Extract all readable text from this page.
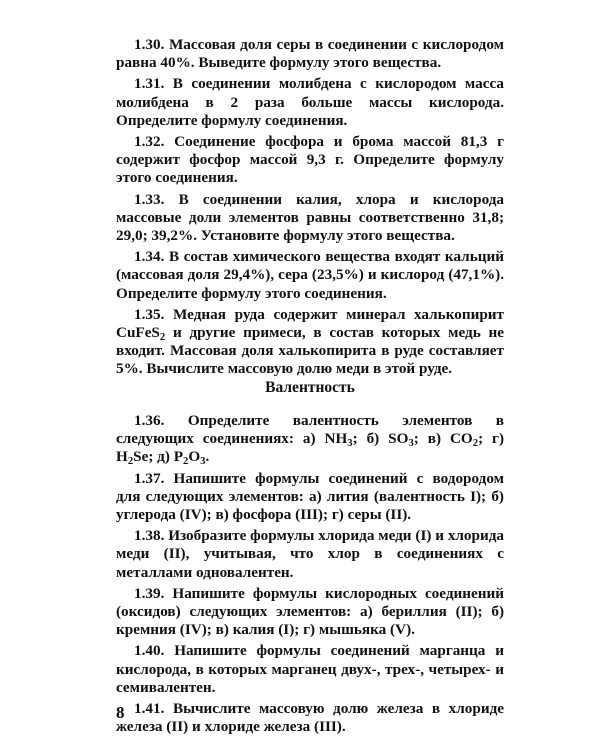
1.30. Массовая доля серы в соединении с кислородом равна 40%. Выведите формулу этого вещества.

1.31. В соединении молибдена с кислородом масса молибдена в 2 раза больше массы кислорода. Определите формулу соединения.

1.32. Соединение фосфора и брома массой 81,3 г содержит фосфор массой 9,3 г. Определите формулу этого соединения.

1.33. В соединении калия, хлора и кислорода массовые доли элементов равны соответственно 31,8; 29,0; 39,2%. Установите формулу этого вещества.

1.34. В состав химического вещества входят кальций (массовая доля 29,4%), сера (23,5%) и кислород (47,1%). Определите формулу этого соединения.

1.35. Медная руда содержит минерал халькопирит CuFeS$_2$ и другие примеси, в состав которых медь не входит. Массовая доля халькопирита в руде составляет 5%. Вычислите массовую долю меди в этой руде.

Валентность

1.36. Определите валентность элементов в следующих соединениях: а) $NH_3$; б) $SO_3$; в) $CO_2$; г) $H_2Se$; д) $P_2O_3$.

1.37. Напишите формулы соединений с водородом для следующих элементов: а) лития (валентность I); б) углерода (IV); в) фосфора (III); г) серы (II).

1.38. Изобразите формулы хлорида меди (I) и хлорида меди (II), учитывая, что хлор в соединениях с металлами одновалентен.

1.39. Напишите формулы кислородных соединений (оксидов) следующих элементов: а) бериллия (II); б) кремния (IV); в) калия (I); г) мышьяка (V).

1.40. Напишите формулы соединений марганца и кислорода, в которых марганец двух-, трех-, четырех- и семивалентен.

1.41. Вычислите массовую долю железа в хлориде железа (II) и хлориде железа (III).

8
